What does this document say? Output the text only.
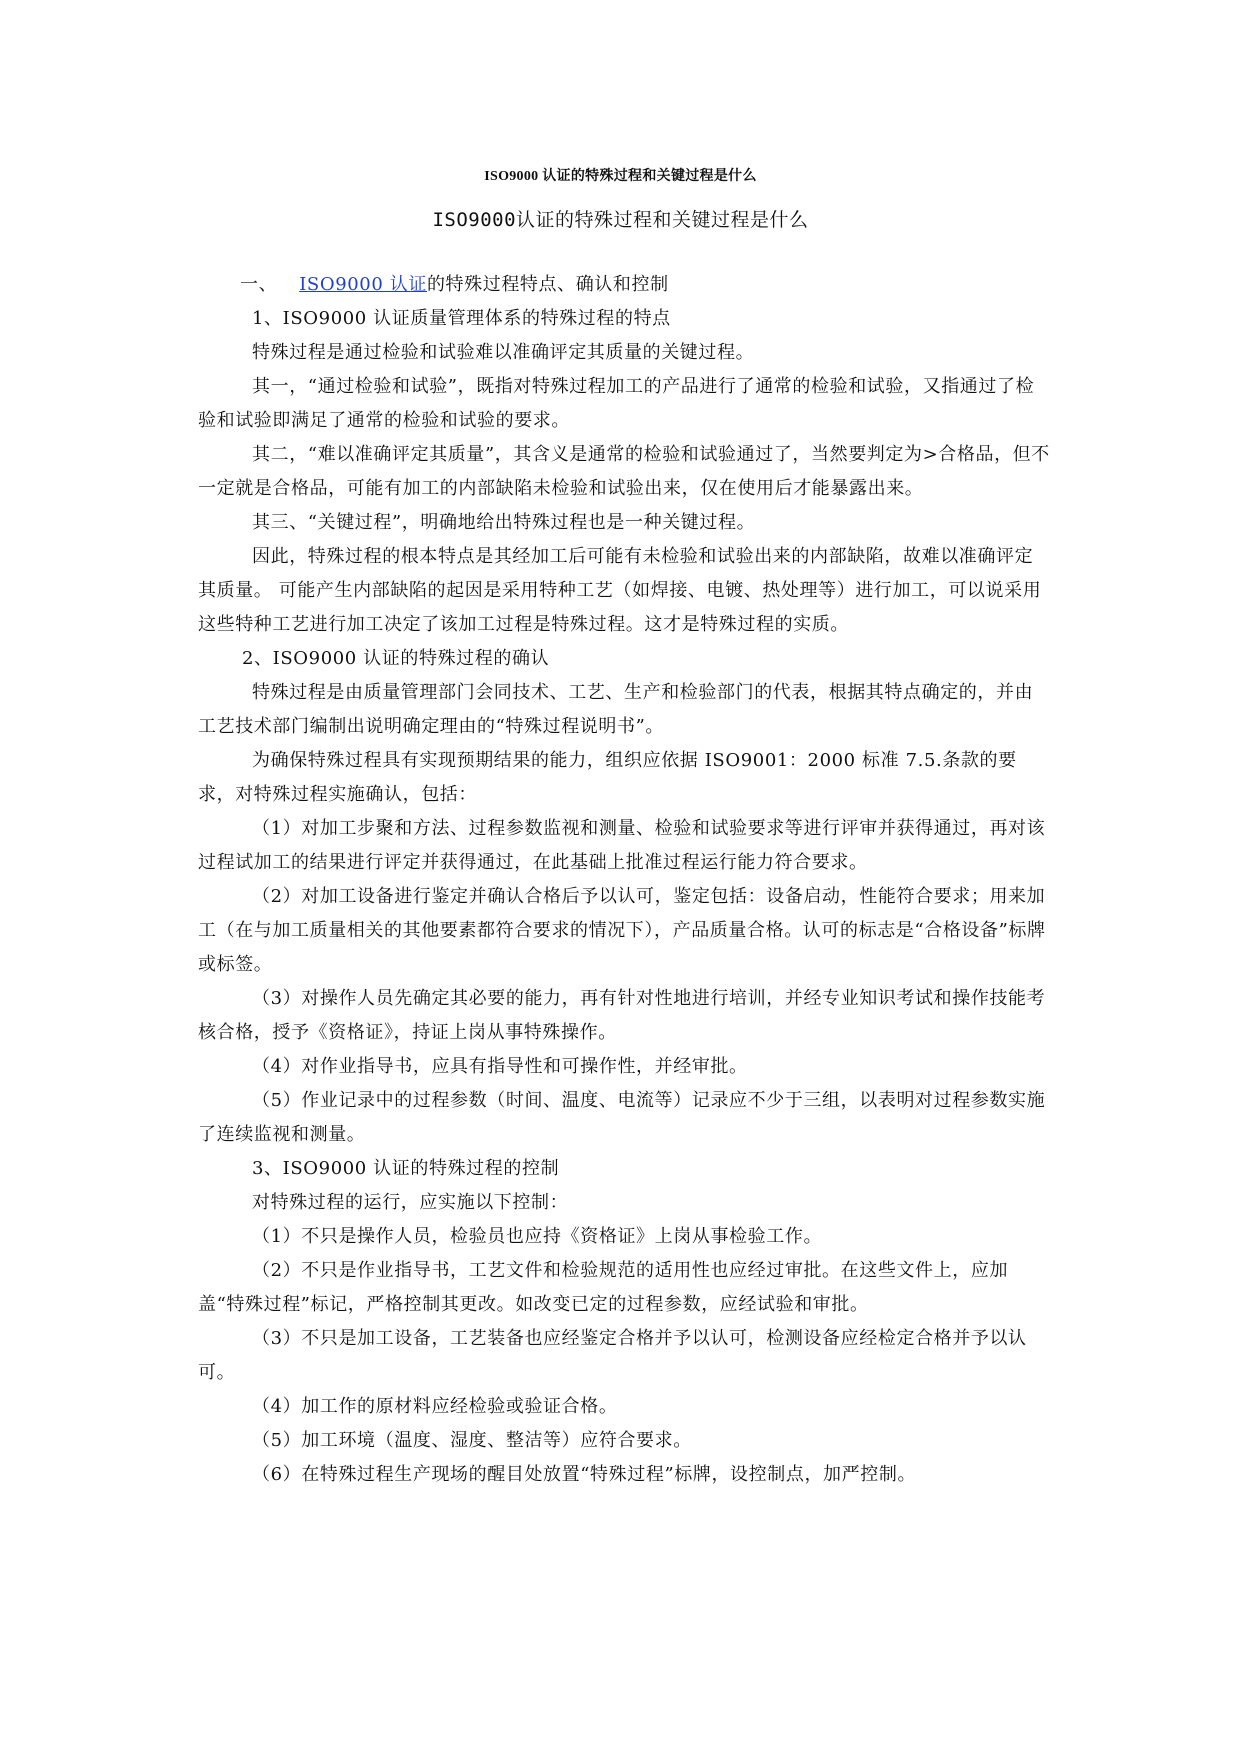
ISO9000 认证的特殊过程和关键过程是什么
ISO9000认证的特殊过程和关键过程是什么

一、 ISO9000 认证的特殊过程特点、确认和控制

1、ISO9000 认证质量管理体系的特殊过程的特点

特殊过程是通过检验和试验难以准确评定其质量的关键过程。

其一，“通过检验和试验”，既指对特殊过程加工的产品进行了通常的检验和试验，又指通过了检验和试验即满足了通常的检验和试验的要求。

其二，“难以准确评定其质量”，其含义是通常的检验和试验通过了，当然要判定为>合格品，但不一定就是合格品，可能有加工的内部缺陷未检验和试验出来，仅在使用后才能暴露出来。

其三、“关键过程”，明确地给出特殊过程也是一种关键过程。

因此，特殊过程的根本特点是其经加工后可能有未检验和试验出来的内部缺陷，故难以准确评定其质量。 可能产生内部缺陷的起因是采用特种工艺（如焊接、电镀、热处理等）进行加工，可以说采用这些特种工艺进行加工决定了该加工过程是特殊过程。这才是特殊过程的实质。

2、ISO9000 认证的特殊过程的确认

特殊过程是由质量管理部门会同技术、工艺、生产和检验部门的代表，根据其特点确定的，并由工艺技术部门编制出说明确定理由的“特殊过程说明书”。

为确保特殊过程具有实现预期结果的能力，组织应依据 ISO9001：2000 标准 7.5.条款的要求，对特殊过程实施确认，包括：

（1）对加工步聚和方法、过程参数监视和测量、检验和试验要求等进行评审并获得通过，再对该过程试加工的结果进行评定并获得通过，在此基础上批准过程运行能力符合要求。

（2）对加工设备进行鉴定并确认合格后予以认可，鉴定包括：设备启动，性能符合要求；用来加工（在与加工质量相关的其他要素都符合要求的情况下），产品质量合格。认可的标志是“合格设备”标牌或标签。

（3）对操作人员先确定其必要的能力，再有针对性地进行培训，并经专业知识考试和操作技能考核合格，授予《资格证》，持证上岗从事特殊操作。

（4）对作业指导书，应具有指导性和可操作性，并经审批。

（5）作业记录中的过程参数（时间、温度、电流等）记录应不少于三组，以表明对过程参数实施了连续监视和测量。

3、ISO9000 认证的特殊过程的控制

对特殊过程的运行，应实施以下控制：

（1）不只是操作人员，检验员也应持《资格证》上岗从事检验工作。

（2）不只是作业指导书，工艺文件和检验规范的适用性也应经过审批。在这些文件上，应加盖“特殊过程”标记，严格控制其更改。如改变已定的过程参数，应经试验和审批。

（3）不只是加工设备，工艺装备也应经鉴定合格并予以认可，检测设备应经检定合格并予以认可。

（4）加工作的原材料应经检验或验证合格。

（5）加工环境（温度、湿度、整洁等）应符合要求。

（6）在特殊过程生产现场的醒目处放置“特殊过程”标牌，设控制点，加严控制。
